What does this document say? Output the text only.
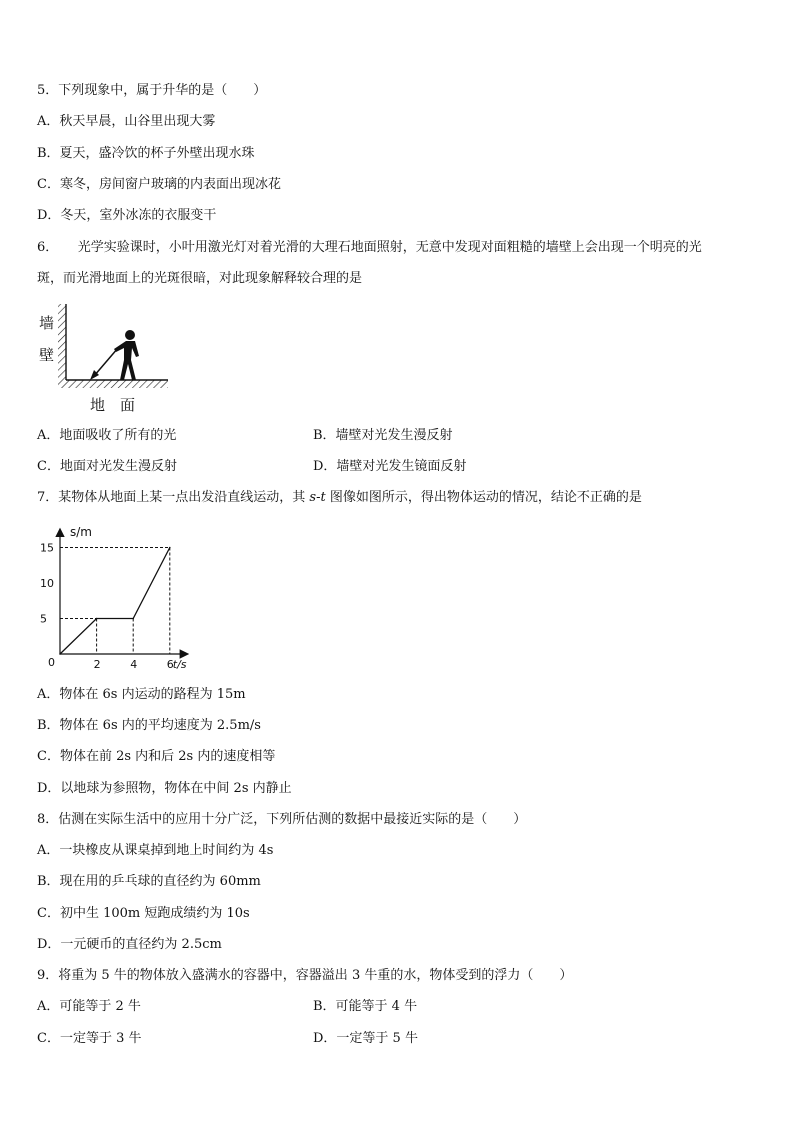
5．下列现象中，属于升华的是（　　）
A．秋天早晨，山谷里出现大雾
B．夏天，盛冷饮的杯子外壁出现水珠
C．寒冬，房间窗户玻璃的内表面出现冰花
D．冬天，室外冰冻的衣服变干
6．　　光学实验课时，小叶用激光灯对着光滑的大理石地面照射，无意中发现对面粗糙的墙壁上会出现一个明亮的光
斑，而光滑地面上的光斑很暗，对此现象解释较合理的是
墙
壁
地　面
A．地面吸收了所有的光	B．墙壁对光发生漫反射
C．地面对光发生漫反射	D．墙壁对光发生镜面反射
7．某物体从地面上某一点出发沿直线运动，其 s-t 图像如图所示，得出物体运动的情况，结论不正确的是
2	4	6
5
10
15
0
s/m
t/s
A．物体在 6s 内运动的路程为 15m
B．物体在 6s 内的平均速度为 2.5m/s
C．物体在前 2s 内和后 2s 内的速度相等
D．以地球为参照物，物体在中间 2s 内静止
8．估测在实际生活中的应用十分广泛，下列所估测的数据中最接近实际的是（　　）
A．一块橡皮从课桌掉到地上时间约为 4s
B．现在用的乒乓球的直径约为 60mm
C．初中生 100m 短跑成绩约为 10s
D．一元硬币的直径约为 2.5cm
9．将重为 5 牛的物体放入盛满水的容器中，容器溢出 3 牛重的水，物体受到的浮力（　　）
A．可能等于 2 牛	B．可能等于 4 牛
C．一定等于 3 牛	D．一定等于 5 牛
